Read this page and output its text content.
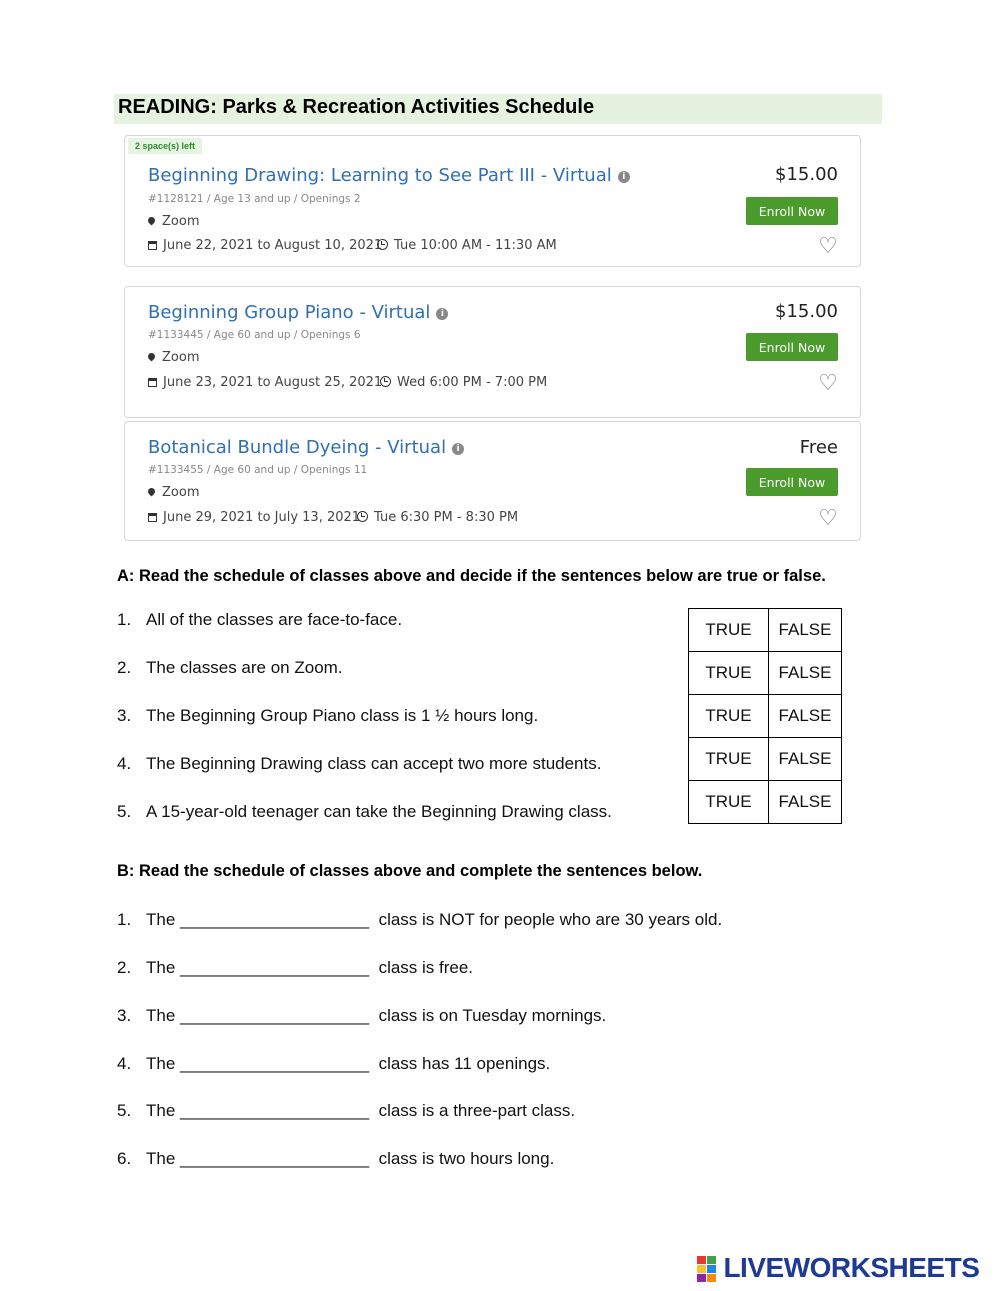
READING: Parks & Recreation Activities Schedule
2 space(s) left
Beginning Drawing: Learning to See Part III - Virtual i
#1128121 / Age 13 and up / Openings 2
Zoom
June 22, 2021 to August 10, 2021 Tue 10:00 AM - 11:30 AM
$15.00
Enroll Now
♡
Beginning Group Piano - Virtual i
#1133445 / Age 60 and up / Openings 6
Zoom
June 23, 2021 to August 25, 2021	Wed 6:00 PM - 7:00 PM
$15.00
Enroll Now
♡
Botanical Bundle Dyeing - Virtual i
#1133455 / Age 60 and up / Openings 11
Zoom
June 29, 2021 to July 13, 2021	Tue 6:30 PM - 8:30 PM
Free
Enroll Now
♡
A: Read the schedule of classes above and decide if the sentences below are true or false.
1. All of the classes are face-to-face.
2. The classes are on Zoom.
3. The Beginning Group Piano class is 1 ½ hours long.
4. The Beginning Drawing class can accept two more students.
5. A 15-year-old teenager can take the Beginning Drawing class.
TRUE	FALSE
TRUE	FALSE
TRUE	FALSE
TRUE	FALSE
TRUE	FALSE
B: Read the schedule of classes above and complete the sentences below.
1. The ____________________ class is NOT for people who are 30 years old.
2. The ____________________ class is free.
3. The ____________________ class is on Tuesday mornings.
4. The ____________________ class has 11 openings.
5. The ____________________ class is a three-part class.
6. The ____________________ class is two hours long.
LIVEWORKSHEETS
